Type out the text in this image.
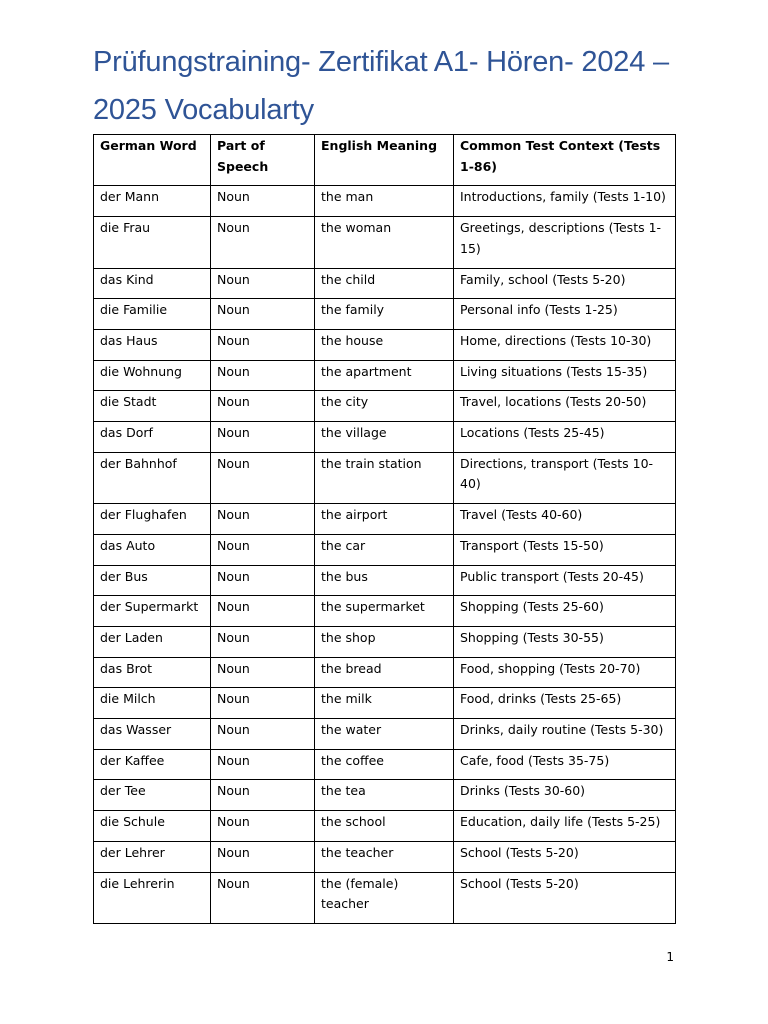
Prüfungstraining- Zertifikat A1- Hören- 2024 – 2025 Vocabularty
German Word	Part of Speech	English Meaning	Common Test Context (Tests 1-86)
der Mann	Noun	the man	Introductions, family (Tests 1-10)
die Frau	Noun	the woman	Greetings, descriptions (Tests 1-15)
das Kind	Noun	the child	Family, school (Tests 5-20)
die Familie	Noun	the family	Personal info (Tests 1-25)
das Haus	Noun	the house	Home, directions (Tests 10-30)
die Wohnung	Noun	the apartment	Living situations (Tests 15-35)
die Stadt	Noun	the city	Travel, locations (Tests 20-50)
das Dorf	Noun	the village	Locations (Tests 25-45)
der Bahnhof	Noun	the train station	Directions, transport (Tests 10-40)
der Flughafen	Noun	the airport	Travel (Tests 40-60)
das Auto	Noun	the car	Transport (Tests 15-50)
der Bus	Noun	the bus	Public transport (Tests 20-45)
der Supermarkt	Noun	the supermarket	Shopping (Tests 25-60)
der Laden	Noun	the shop	Shopping (Tests 30-55)
das Brot	Noun	the bread	Food, shopping (Tests 20-70)
die Milch	Noun	the milk	Food, drinks (Tests 25-65)
das Wasser	Noun	the water	Drinks, daily routine (Tests 5-30)
der Kaffee	Noun	the coffee	Cafe, food (Tests 35-75)
der Tee	Noun	the tea	Drinks (Tests 30-60)
die Schule	Noun	the school	Education, daily life (Tests 5-25)
der Lehrer	Noun	the teacher	School (Tests 5-20)
die Lehrerin	Noun	the (female) teacher	School (Tests 5-20)
1
